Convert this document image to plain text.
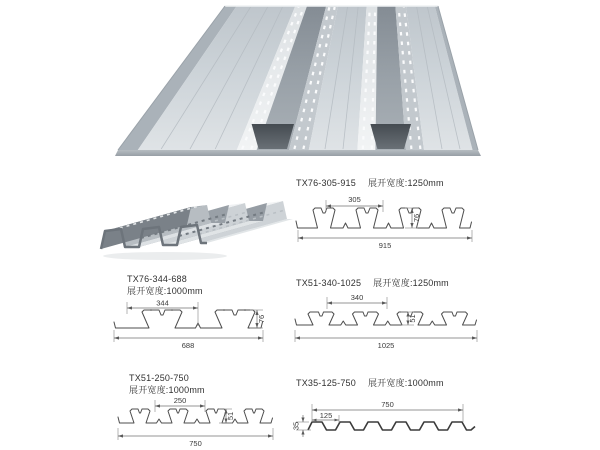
TX76-305-915 展开宽度:1250mm
TX76-344-688
展开宽度:1000mm
TX51-340-1025 展开宽度:1250mm
TX51-250-750
展开宽度:1000mm
TX35-125-750 展开宽度:1000mm
305
76
915
344
76
688
340
51
1025
250
51
750
750
125
35
